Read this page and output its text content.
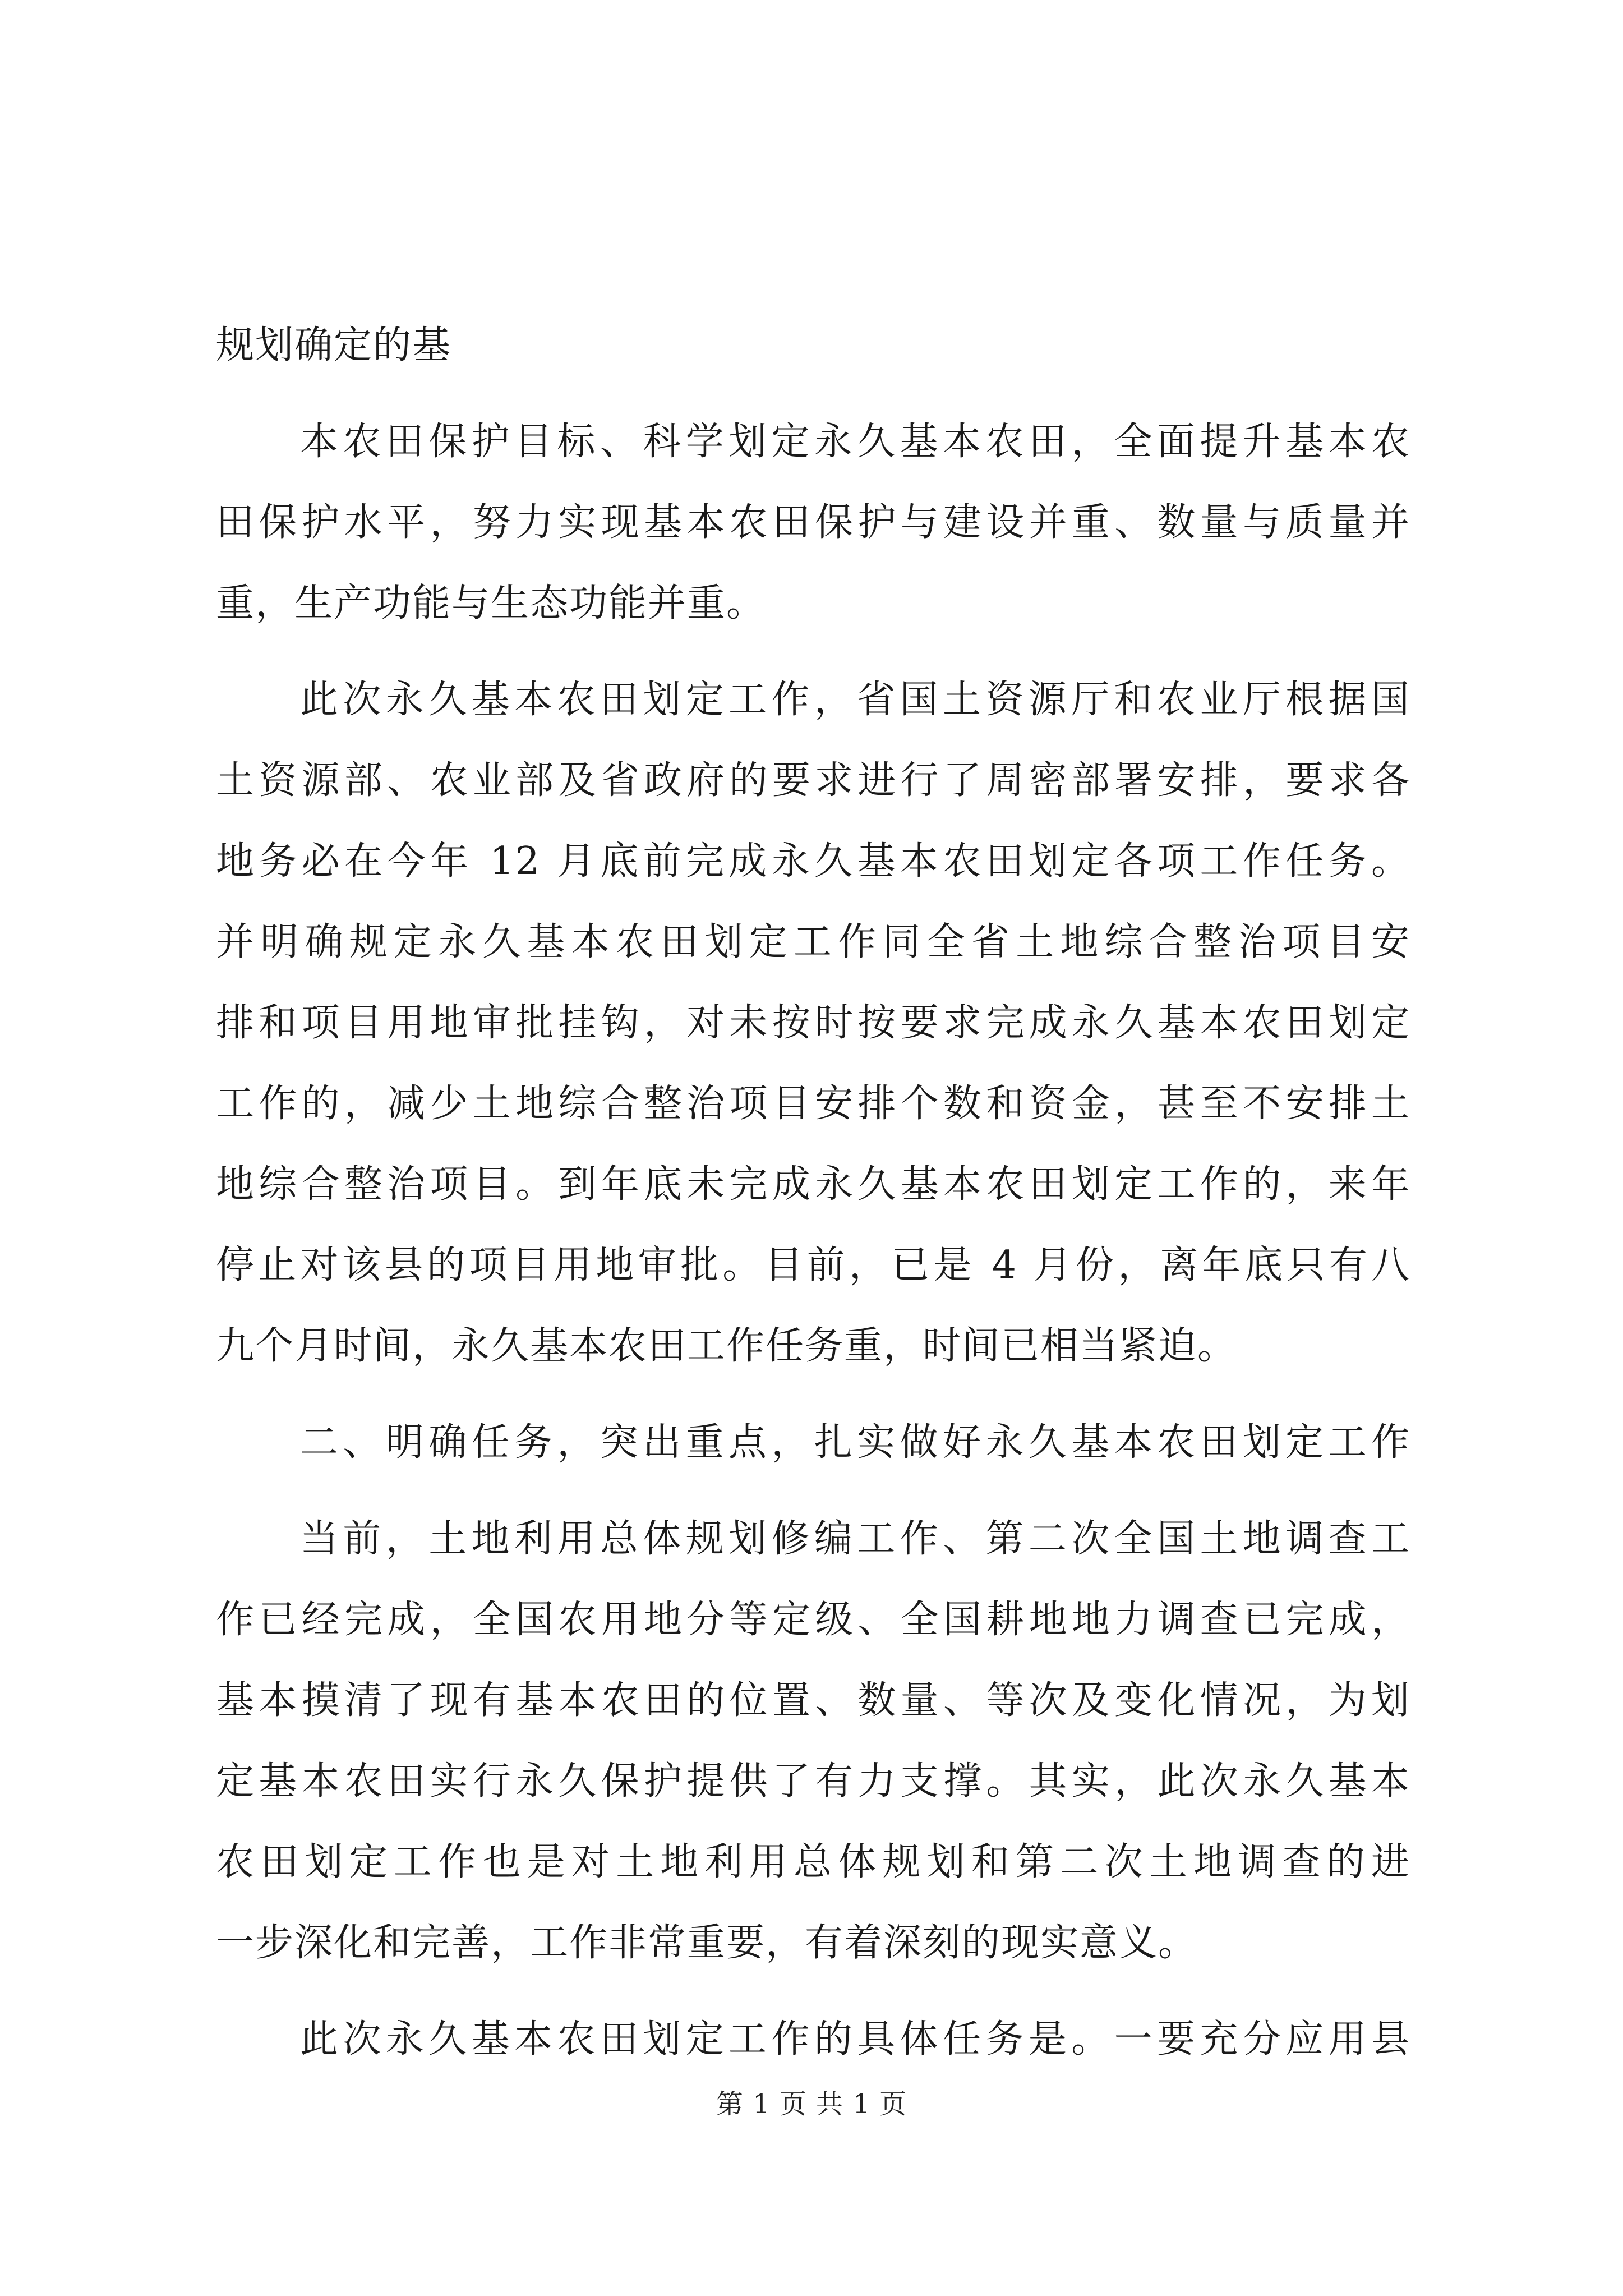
规划确定的基
本农田保护目标、科学划定永久基本农田，全面提升基本农
田保护水平，努力实现基本农田保护与建设并重、数量与质量并
重，生产功能与生态功能并重。
此次永久基本农田划定工作，省国土资源厅和农业厅根据国
土资源部、农业部及省政府的要求进行了周密部署安排，要求各
地务必在今年 12 月底前完成永久基本农田划定各项工作任务。
并明确规定永久基本农田划定工作同全省土地综合整治项目安
排和项目用地审批挂钩，对未按时按要求完成永久基本农田划定
工作的，减少土地综合整治项目安排个数和资金，甚至不安排土
地综合整治项目。到年底未完成永久基本农田划定工作的，来年
停止对该县的项目用地审批。目前，已是 4 月份，离年底只有八
九个月时间，永久基本农田工作任务重，时间已相当紧迫。
二、明确任务，突出重点，扎实做好永久基本农田划定工作
当前，土地利用总体规划修编工作、第二次全国土地调查工
作已经完成，全国农用地分等定级、全国耕地地力调查已完成，
基本摸清了现有基本农田的位置、数量、等次及变化情况，为划
定基本农田实行永久保护提供了有力支撑。其实，此次永久基本
农田划定工作也是对土地利用总体规划和第二次土地调查的进
一步深化和完善，工作非常重要，有着深刻的现实意义。
此次永久基本农田划定工作的具体任务是。一要充分应用县
第 1 页 共 1 页
